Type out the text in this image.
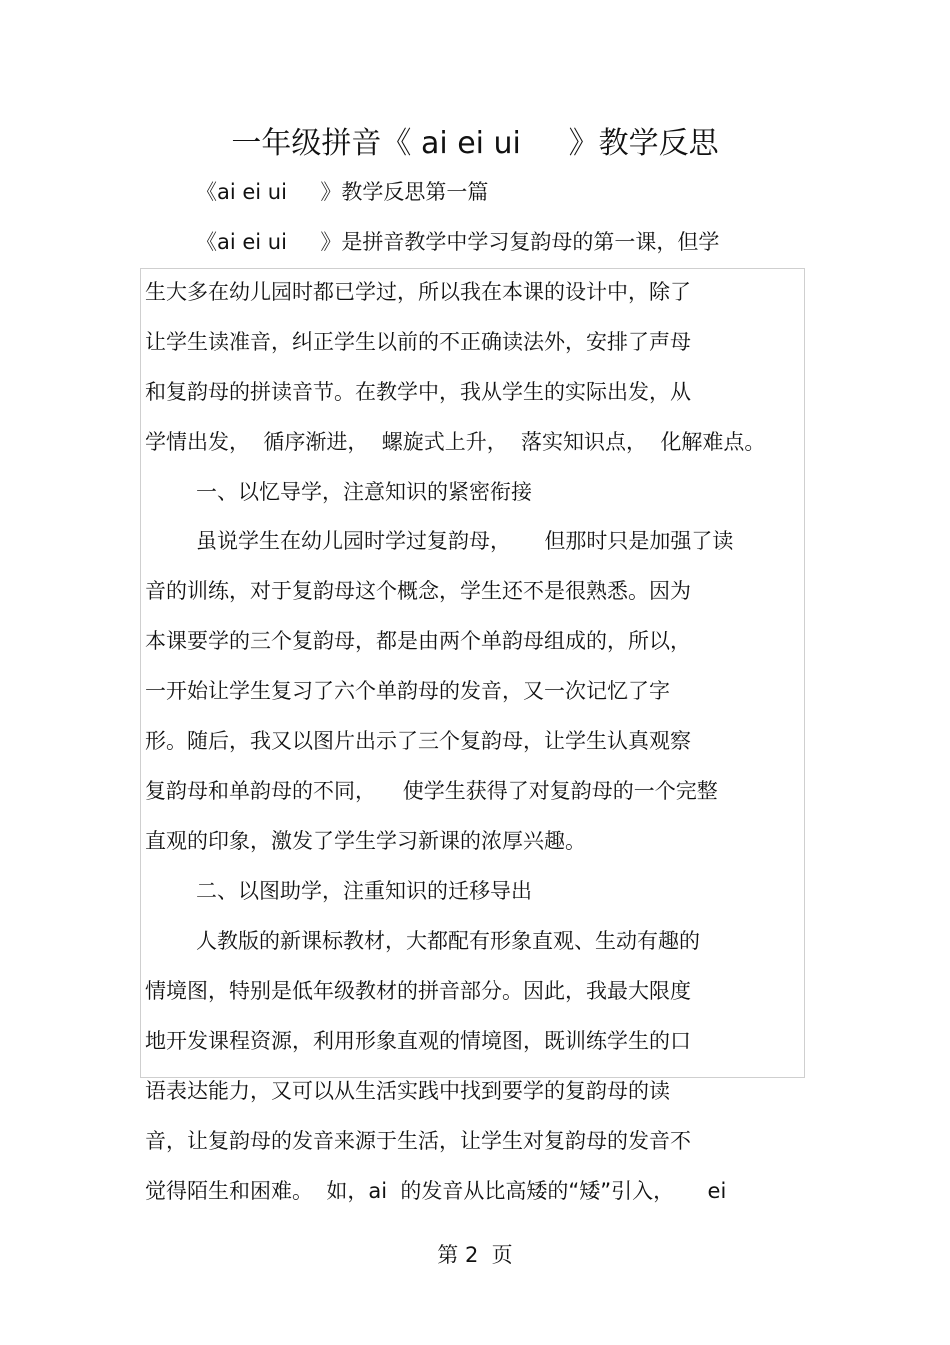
一年级拼音《 ai ei ui     》教学反思
《ai ei ui     》教学反思第一篇
《ai ei ui     》是拼音教学中学习复韵母的第一课，但学
生大多在幼儿园时都已学过，所以我在本课的设计中，除了
让学生读准音，纠正学生以前的不正确读法外，安排了声母
和复韵母的拼读音节。在教学中，我从学生的实际出发，从
学情出发，  循序渐进，  螺旋式上升，  落实知识点，  化解难点。
一、以忆导学，注意知识的紧密衔接
虽说学生在幼儿园时学过复韵母，     但那时只是加强了读
音的训练，对于复韵母这个概念，学生还不是很熟悉。因为
本课要学的三个复韵母，都是由两个单韵母组成的，所以，
一开始让学生复习了六个单韵母的发音，又一次记忆了字
形。随后，我又以图片出示了三个复韵母，让学生认真观察
复韵母和单韵母的不同，    使学生获得了对复韵母的一个完整
直观的印象，激发了学生学习新课的浓厚兴趣。
二、以图助学，注重知识的迁移导出
人教版的新课标教材，大都配有形象直观、生动有趣的
情境图，特别是低年级教材的拼音部分。因此，我最大限度
地开发课程资源，利用形象直观的情境图，既训练学生的口
语表达能力，又可以从生活实践中找到要学的复韵母的读
音，让复韵母的发音来源于生活，让学生对复韵母的发音不
觉得陌生和困难。  如，ai  的发音从比高矮的“矮”引入，     ei
第 2  页
